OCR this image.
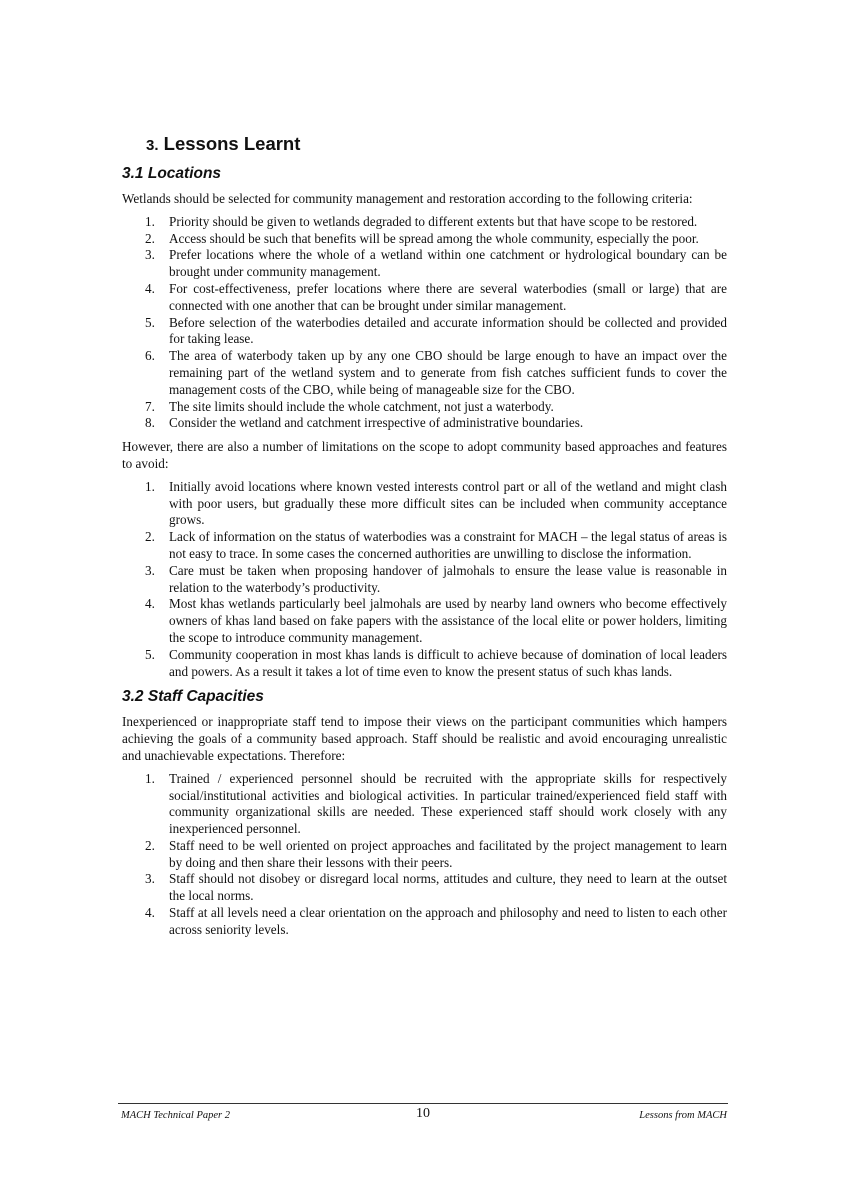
3. Lessons Learnt
3.1 Locations

Wetlands should be selected for community management and restoration according to the following criteria:

1. Priority should be given to wetlands degraded to different extents but that have scope to be restored.
2. Access should be such that benefits will be spread among the whole community, especially the poor.
3. Prefer locations where the whole of a wetland within one catchment or hydrological boundary can be brought under community management.
4. For cost-effectiveness, prefer locations where there are several waterbodies (small or large) that are connected with one another that can be brought under similar management.
5. Before selection of the waterbodies detailed and accurate information should be collected and provided for taking lease.
6. The area of waterbody taken up by any one CBO should be large enough to have an impact over the remaining part of the wetland system and to generate from fish catches sufficient funds to cover the management costs of the CBO, while being of manageable size for the CBO.
7. The site limits should include the whole catchment, not just a waterbody.
8. Consider the wetland and catchment irrespective of administrative boundaries.

However, there are also a number of limitations on the scope to adopt community based approaches and features to avoid:

1. Initially avoid locations where known vested interests control part or all of the wetland and might clash with poor users, but gradually these more difficult sites can be included when community acceptance grows.
2. Lack of information on the status of waterbodies was a constraint for MACH – the legal status of areas is not easy to trace. In some cases the concerned authorities are unwilling to disclose the information.
3. Care must be taken when proposing handover of jalmohals to ensure the lease value is reasonable in relation to the waterbody’s productivity.
4. Most khas wetlands particularly beel jalmohals are used by nearby land owners who become effectively owners of khas land based on fake papers with the assistance of the local elite or power holders, limiting the scope to introduce community management.
5. Community cooperation in most khas lands is difficult to achieve because of domination of local leaders and powers. As a result it takes a lot of time even to know the present status of such khas lands.
3.2 Staff Capacities

Inexperienced or inappropriate staff tend to impose their views on the participant communities which hampers achieving the goals of a community based approach. Staff should be realistic and avoid encouraging unrealistic and unachievable expectations. Therefore:

1. Trained / experienced personnel should be recruited with the appropriate skills for respectively social/institutional activities and biological activities. In particular trained/experienced field staff with community organizational skills are needed. These experienced staff should work closely with any inexperienced personnel.
2. Staff need to be well oriented on project approaches and facilitated by the project management to learn by doing and then share their lessons with their peers.
3. Staff should not disobey or disregard local norms, attitudes and culture, they need to learn at the outset the local norms.
4. Staff at all levels need a clear orientation on the approach and philosophy and need to listen to each other across seniority levels.
MACH Technical Paper 2	10	Lessons from MACH
